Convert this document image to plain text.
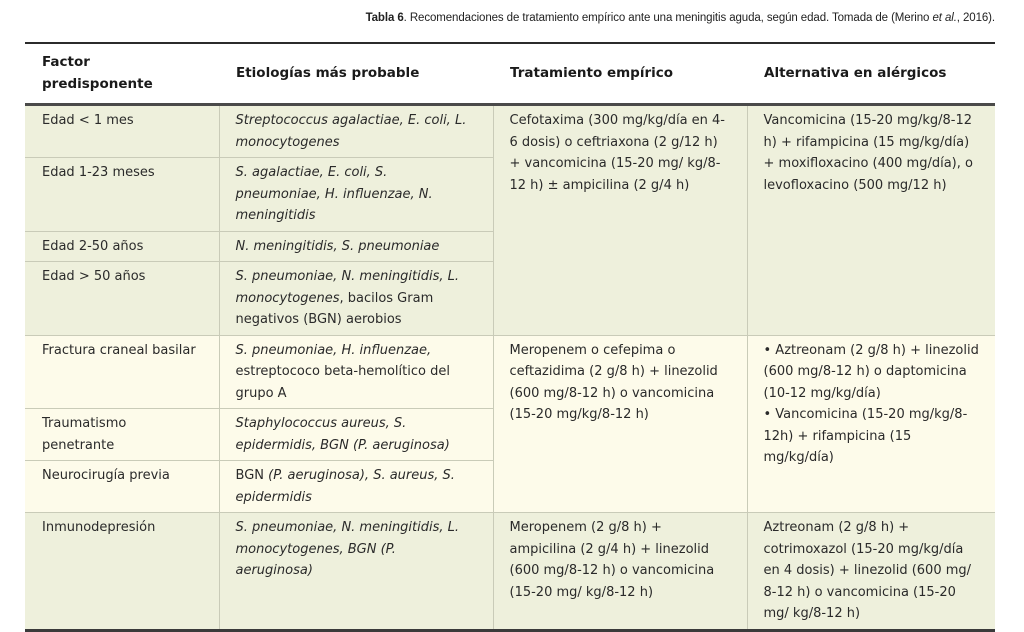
Tabla 6. Recomendaciones de tratamiento empírico ante una meningitis aguda, según edad. Tomada de (Merino et al., 2016).
Factor predisponente	Etiologías más probable	Tratamiento empírico	Alternativa en alérgicos
Edad < 1 mes	Streptococcus agalactiae, E. coli, L. monocytogenes	Cefotaxima (300 mg/kg/día en 4-6 dosis) o ceftriaxona (2 g/12 h) + vancomicina (15-20 mg/ kg/8-12 h) ± ampicilina (2 g/4 h)	Vancomicina (15-20 mg/kg/8-12 h) + rifampicina (15 mg/kg/día) + moxifloxacino (400 mg/día), o levofloxacino (500 mg/12 h)

Edad 1-23 meses	S. agalactiae, E. coli, S. pneumoniae, H. influenzae, N. meningitidis		
Edad 2-50 años	N. meningitidis, S. pneumoniae		
Edad > 50 años	S. pneumoniae, N. meningitidis, L. monocytogenes, bacilos Gram negativos (BGN) aerobios		
Fractura craneal basilar	S. pneumoniae, H. influenzae, estreptococo beta-hemolítico del grupo A	Meropenem o cefepima o ceftazidima (2 g/8 h) + linezolid (600 mg/8-12 h) o vancomicina (15-20 mg/kg/8-12 h)	• Aztreonam (2 g/8 h) + linezolid (600 mg/8-12 h) o daptomicina (10-12 mg/kg/día)
• Vancomicina (15-20 mg/kg/8-12h) + rifampicina (15 mg/kg/día)

Traumatismo penetrante	Staphylococcus aureus, S. epidermidis, BGN (P. aeruginosa)		
Neurocirugía previa	BGN (P. aeruginosa), S. aureus, S. epidermidis		
Inmunodepresión	S. pneumoniae, N. meningitidis, L. monocytogenes, BGN (P. aeruginosa)	Meropenem (2 g/8 h) + ampicilina (2 g/4 h) + linezolid (600 mg/8-12 h) o vancomicina (15-20 mg/ kg/8-12 h)	Aztreonam (2 g/8 h) + cotrimoxazol (15-20 mg/kg/día en 4 dosis) + linezolid (600 mg/ 8-12 h) o vancomicina (15-20 mg/ kg/8-12 h)
